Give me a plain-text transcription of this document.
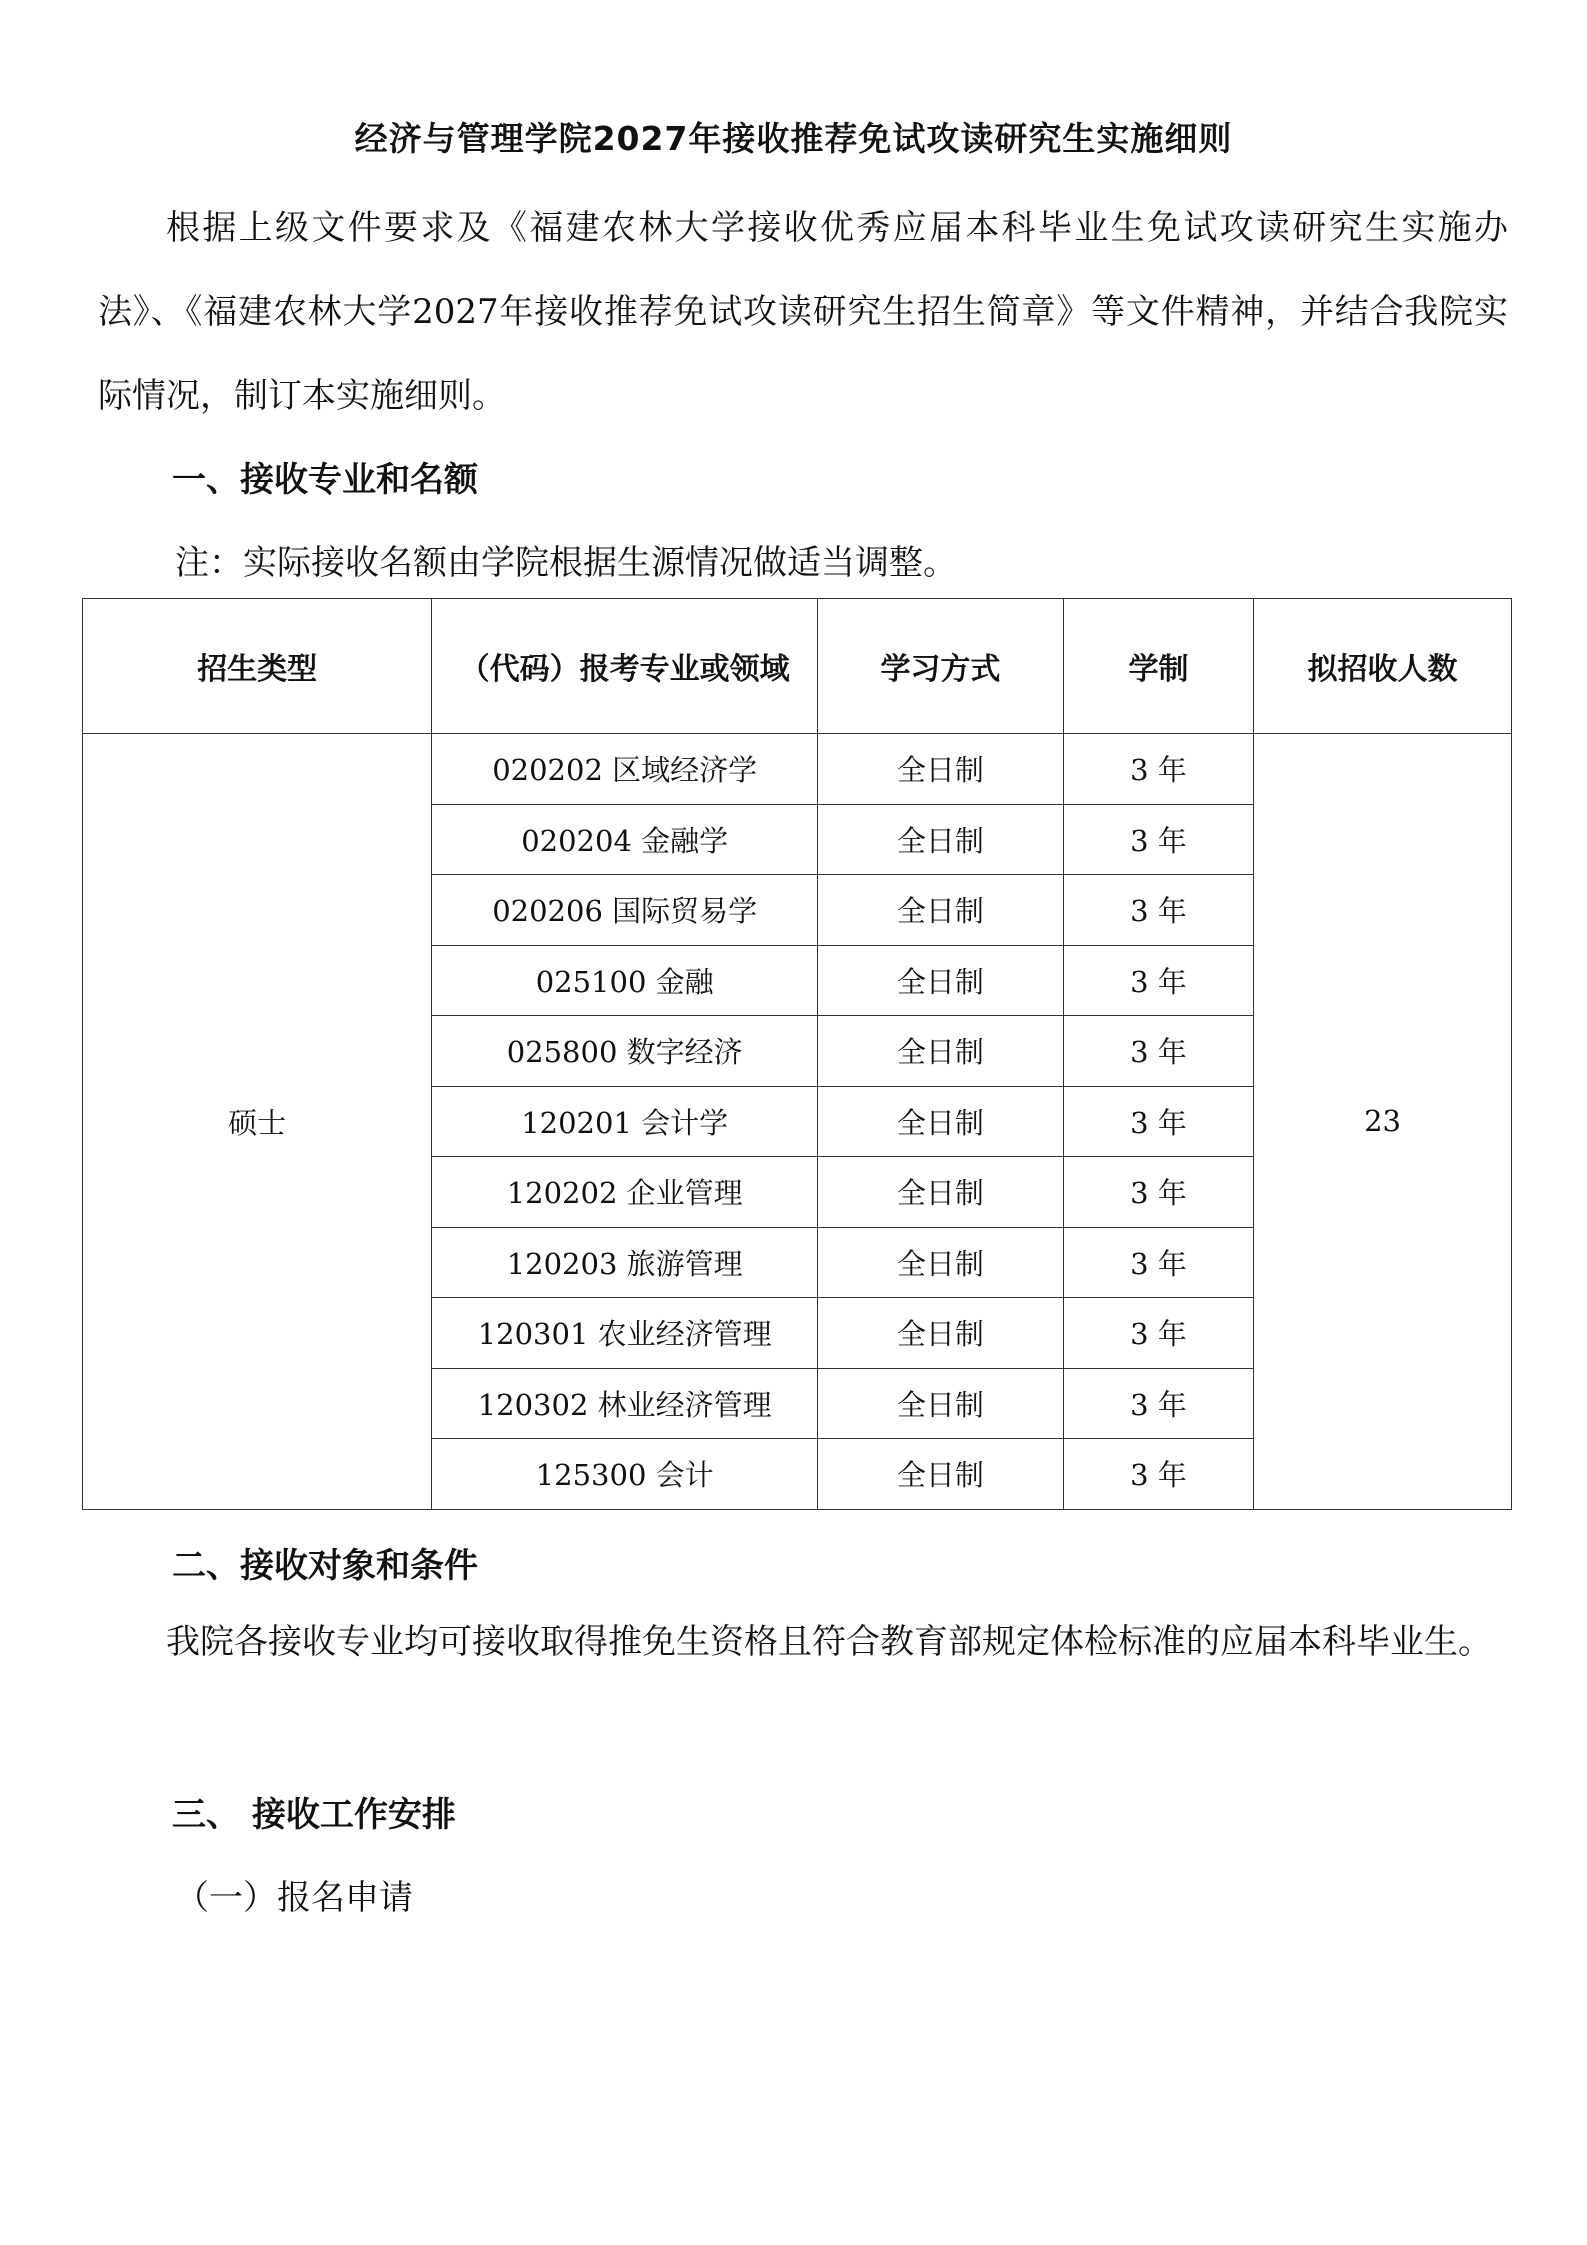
经济与管理学院2027年接收推荐免试攻读研究生实施细则
根据上级文件要求及《福建农林大学接收优秀应届本科毕业生免试攻读研究生实施办法》、《福建农林大学2027年接收推荐免试攻读研究生招生简章》等文件精神，并结合我院实际情况，制订本实施细则。
一、接收专业和名额
注：实际接收名额由学院根据生源情况做适当调整。
招生类型	（代码）报考专业或领域	学习方式	学制	拟招收人数
硕士	020202 区域经济学	全日制	3 年	23
	020204 金融学	全日制	3 年	
	020206 国际贸易学	全日制	3 年	
	025100 金融	全日制	3 年	
	025800 数字经济	全日制	3 年	
	120201 会计学	全日制	3 年	
	120202 企业管理	全日制	3 年	
	120203 旅游管理	全日制	3 年	
	120301 农业经济管理	全日制	3 年	
	120302 林业经济管理	全日制	3 年	
	125300 会计	全日制	3 年	
二、接收对象和条件
我院各接收专业均可接收取得推免生资格且符合教育部规定体检标准的应届本科毕业生。
三、 接收工作安排
（一）报名申请
